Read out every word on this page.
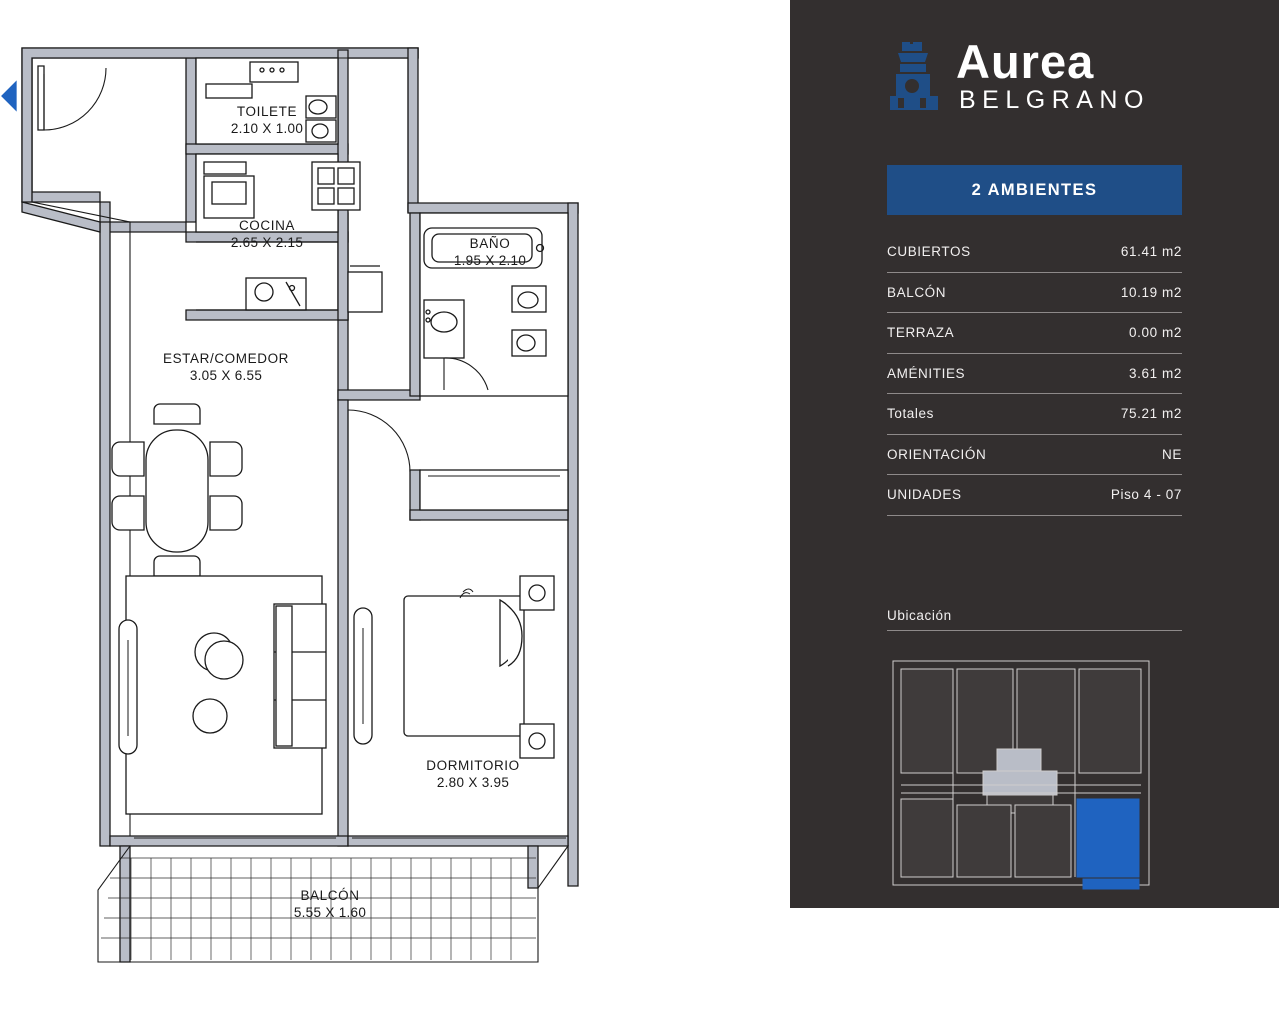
TOILETE
2.10 X 1.00
COCINA
2.65 X 2.15	BAÑO
1.95 X 2.10
ESTAR/COMEDOR
3.05 X 6.55
DORMITORIO
2.80 X 3.95
BALCÓN
5.55 X 1.60
Aurea
BELGRANO
2 AMBIENTES
CUBIERTOS	61.41 m2
BALCÓN	10.19 m2
TERRAZA	0.00 m2
AMÉNITIES	3.61 m2
Totales	75.21 m2
ORIENTACIÓN	NE
UNIDADES	Piso 4 - 07
Ubicación
